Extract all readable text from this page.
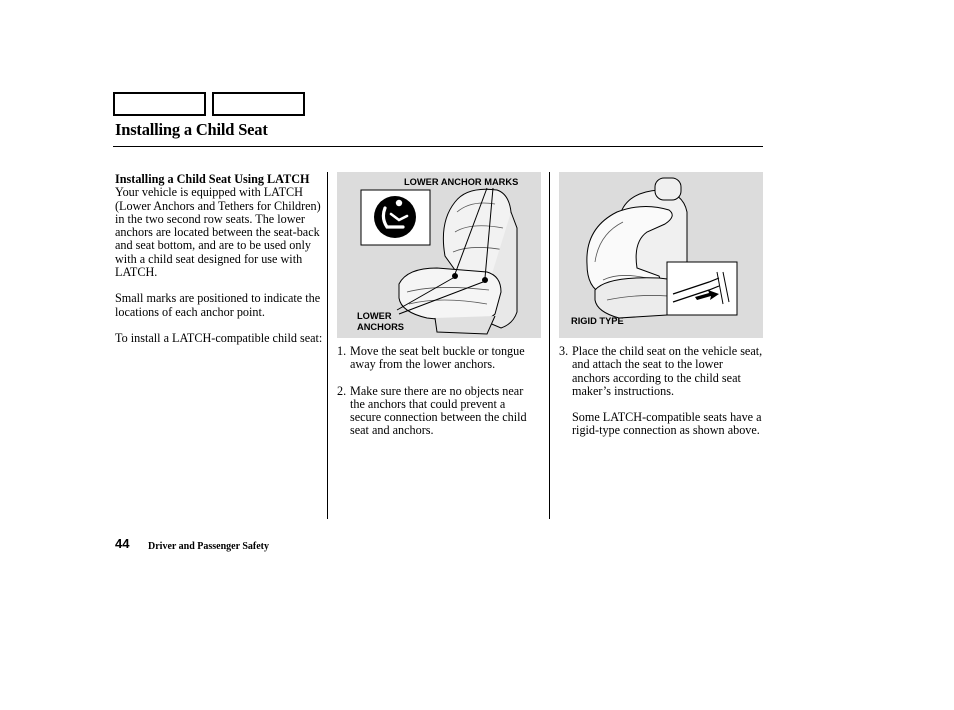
Installing a Child Seat

Installing a Child Seat Using LATCH

Your vehicle is equipped with LATCH (Lower Anchors and Tethers for Children) in the two second row seats. The lower anchors are located between the seat-back and seat bottom, and are to be used only with a child seat designed for use with LATCH.

Small marks are positioned to indicate the locations of each anchor point.

To install a LATCH-compatible child seat:

LOWER ANCHOR MARKS
LOWER
ANCHORS
RIGID TYPE
1. Move the seat belt buckle or tongue away from the lower anchors.
2. Make sure there are no objects near the anchors that could prevent a secure connection between the child seat and anchors.
3. Place the child seat on the vehicle seat, and attach the seat to the lower anchors according to the child seat maker’s instructions.

Some LATCH-compatible seats have a rigid-type connection as shown above.

44 Driver and Passenger Safety
